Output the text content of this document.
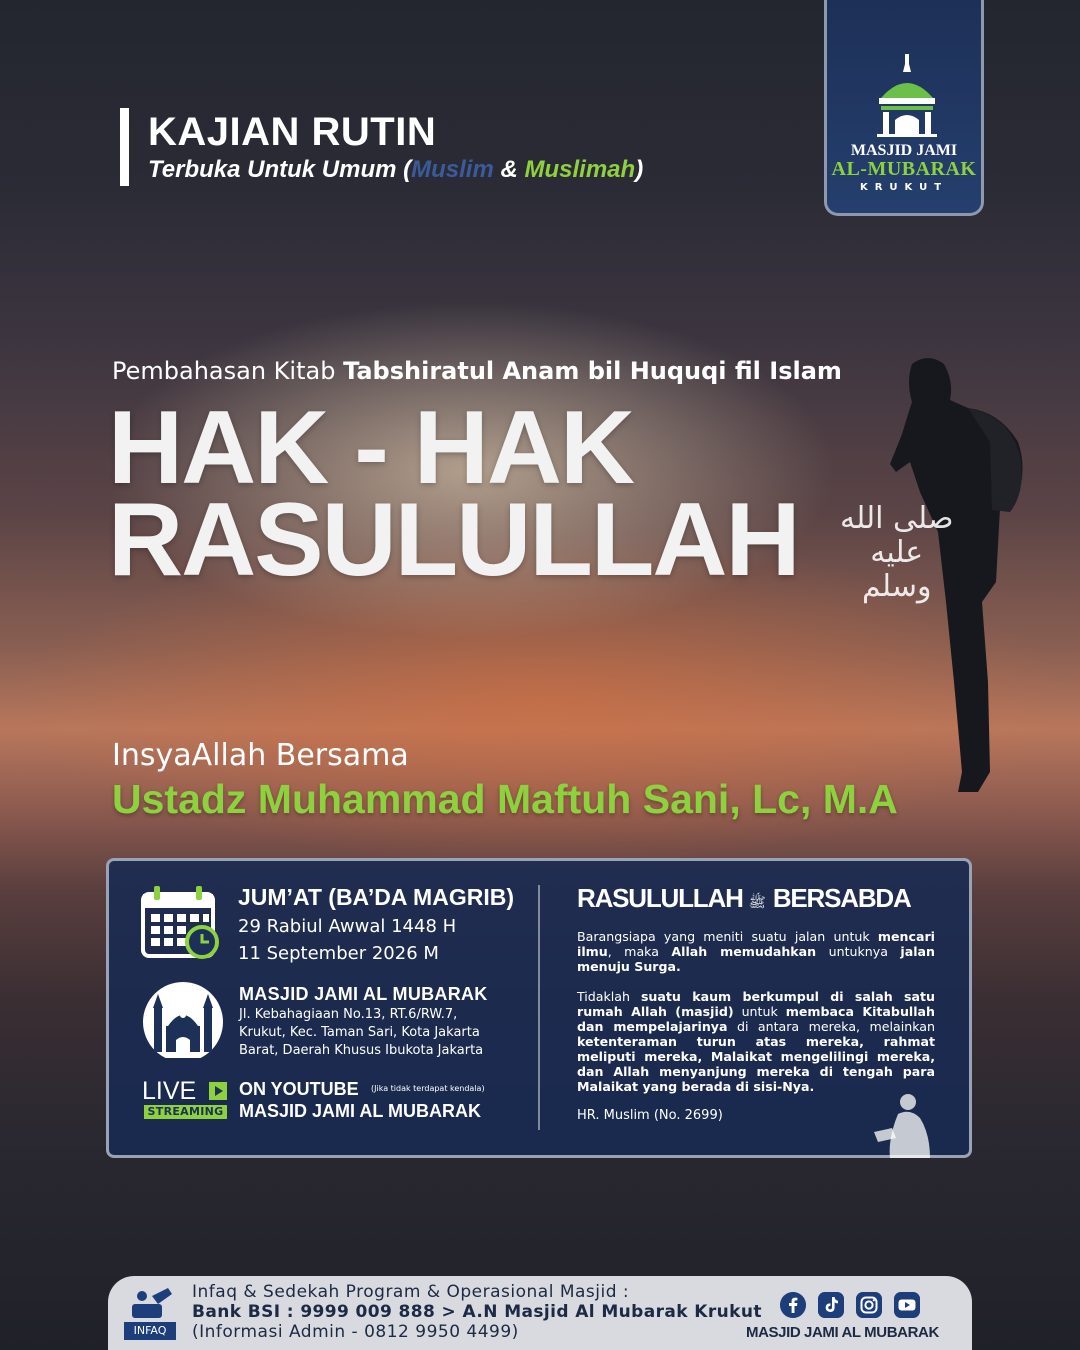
KAJIAN RUTIN
Terbuka Untuk Umum (Muslim & Muslimah)
MASJID JAMI
AL-MUBARAK
KRUKUT
Pembahasan Kitab Tabshiratul Anam bil Huquqi fil Islam
HAK - HAK
RASULULLAH صلى الله
عليه
وسلم
InsyaAllah Bersama
Ustadz Muhammad Maftuh Sani, Lc, M.A
JUM’AT (BA’DA MAGRIB)
29 Rabiul Awwal 1448 H
11 September 2026 M
MASJID JAMI AL MUBARAK
Jl. Kebahagiaan No.13, RT.6/RW.7, Krukut, Kec. Taman Sari, Kota Jakarta Barat, Daerah Khusus Ibukota Jakarta
LIVE
STREAMING
ON YOUTUBE (Jika tidak terdapat kendala)
MASJID JAMI AL MUBARAK
RASULULLAH ﷺ BERSABDA
Barangsiapa yang meniti suatu jalan untuk mencari ilmu, maka Allah memudahkan untuknya jalan menuju Surga.
Tidaklah suatu kaum berkumpul di salah satu rumah Allah (masjid) untuk membaca Kitabullah dan mempelajarinya di antara mereka, melainkan ketenteraman turun atas mereka, rahmat meliputi mereka, Malaikat mengelilingi mereka, dan Allah menyanjung mereka di tengah para Malaikat yang berada di sisi-Nya.
HR. Muslim (No. 2699)
INFAQ
Infaq & Sedekah Program & Operasional Masjid :
Bank BSI : 9999 009 888 > A.N Masjid Al Mubarak Krukut
(Informasi Admin - 0812 9950 4499)	MASJID JAMI AL MUBARAK
